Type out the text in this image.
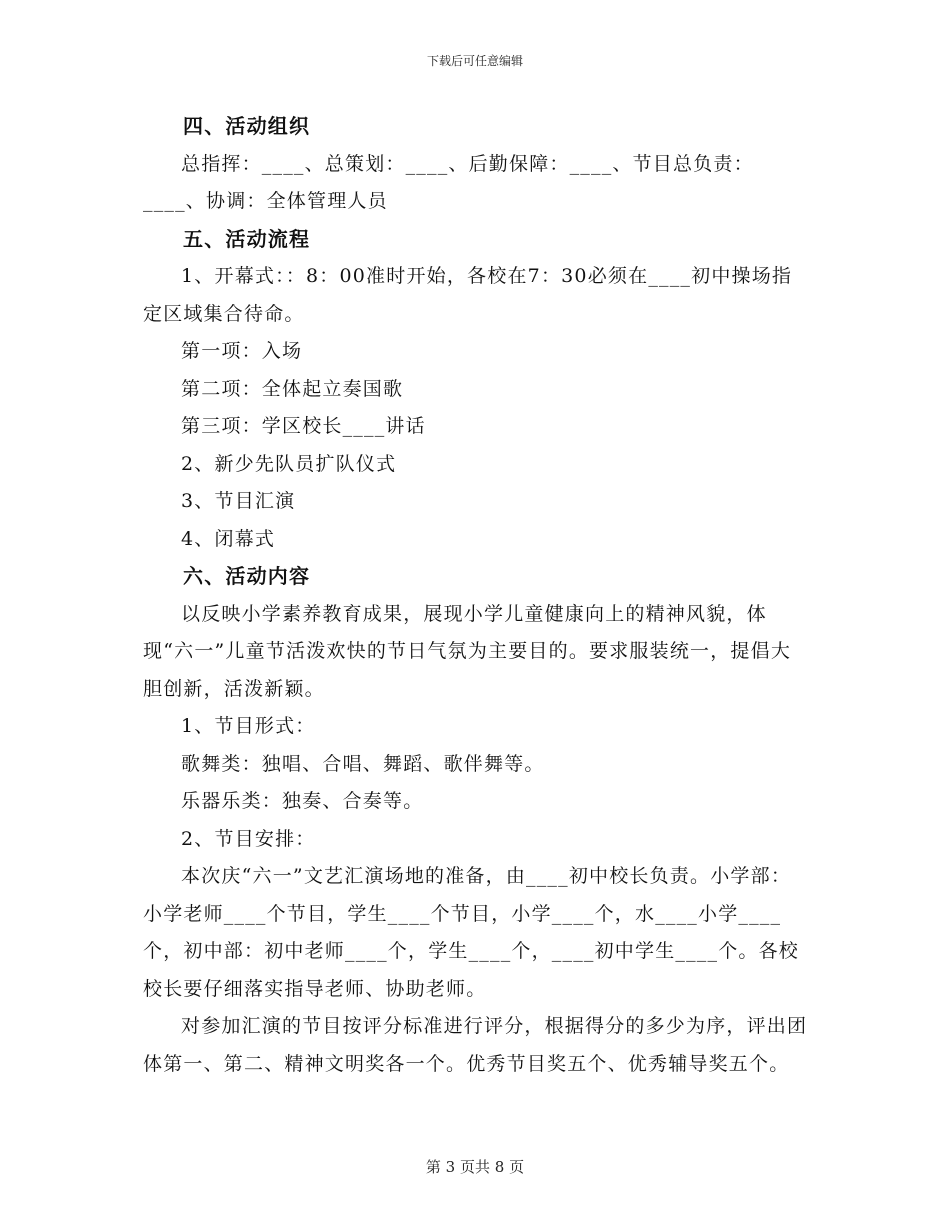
下载后可任意编辑

四、活动组织

总指挥：____、总策划：____、后勤保障：____、节目总负责：____、协调：全体管理人员

五、活动流程

1、开幕式：：8：00准时开始，各校在7：30必须在____初中操场指定区域集合待命。

第一项：入场

第二项：全体起立奏国歌

第三项：学区校长____讲话

2、新少先队员扩队仪式

3、节目汇演

4、闭幕式

六、活动内容

以反映小学素养教育成果，展现小学儿童健康向上的精神风貌，体现“六一”儿童节活泼欢快的节日气氛为主要目的。要求服装统一，提倡大胆创新，活泼新颖。

1、节目形式：

歌舞类：独唱、合唱、舞蹈、歌伴舞等。

乐器乐类：独奏、合奏等。

2、节目安排：

本次庆“六一”文艺汇演场地的准备，由____初中校长负责。小学部：小学老师____个节目，学生____个节目，小学____个，水____小学____个，初中部：初中老师____个，学生____个，____初中学生____个。各校校长要仔细落实指导老师、协助老师。

对参加汇演的节目按评分标准进行评分，根据得分的多少为序，评出团体第一、第二、精神文明奖各一个。优秀节目奖五个、优秀辅导奖五个。

第 3 页共 8 页
